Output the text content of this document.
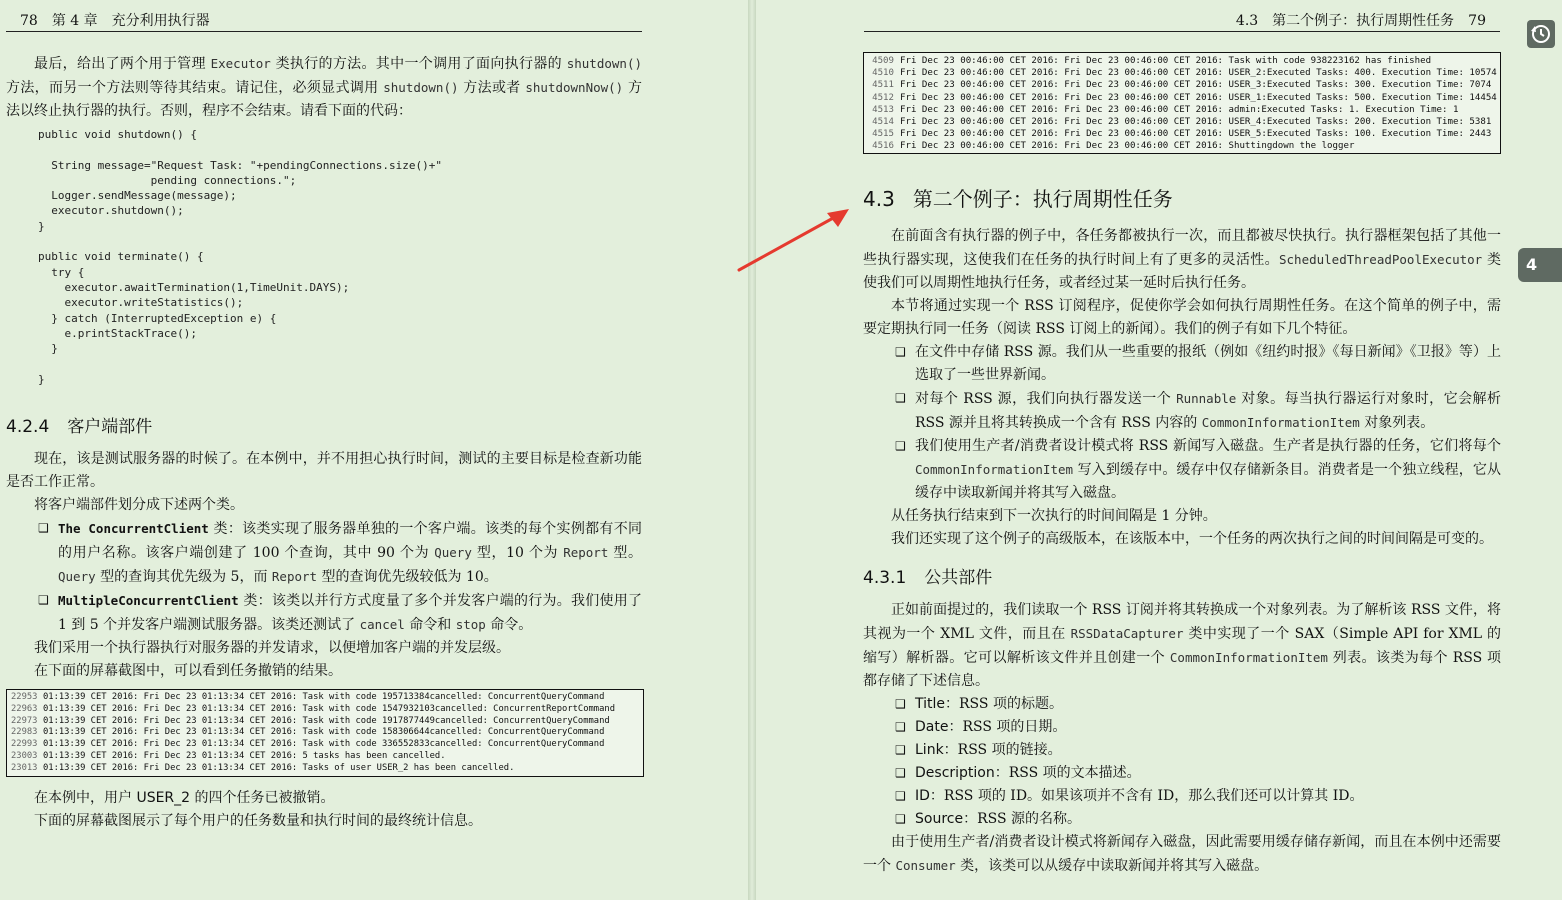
78 第 4 章　充分利用执行器

最后，给出了两个用于管理 Executor 类执行的方法。其中一个调用了面向执行器的 shutdown() 方法，而另一个方法则等待其结束。请记住，必须显式调用 shutdown() 方法或者 shutdownNow() 方法以终止执行器的执行。否则，程序不会结束。请看下面的代码：

public void shutdown() {

String message="Request Task: "+pendingConnections.size()+"
pending connections.";
Logger.sendMessage(message);
executor.shutdown();
}

public void terminate() {
try {
executor.awaitTermination(1,TimeUnit.DAYS);
executor.writeStatistics();
} catch (InterruptedException e) {
e.printStackTrace();
}

}
4.2.4 客户端部件

现在，该是测试服务器的时候了。在本例中，并不用担心执行时间，测试的主要目标是检查新功能是否工作正常。

将客户端部件划分成下述两个类。

❑ The ConcurrentClient 类：该类实现了服务器单独的一个客户端。该类的每个实例都有不同的用户名称。该客户端创建了 100 个查询，其中 90 个为 Query 型，10 个为 Report 型。Query 型的查询其优先级为 5，而 Report 型的查询优先级较低为 10。
❑ MultipleConcurrentClient 类：该类以并行方式度量了多个并发客户端的行为。我们使用了 1 到 5 个并发客户端测试服务器。该类还测试了 cancel 命令和 stop 命令。

我们采用一个执行器执行对服务器的并发请求，以便增加客户端的并发层级。

在下面的屏幕截图中，可以看到任务撤销的结果。

22953 01:13:39 CET 2016: Fri Dec 23 01:13:34 CET 2016: Task with code 195713384cancelled: ConcurrentQueryCommand
22963 01:13:39 CET 2016: Fri Dec 23 01:13:34 CET 2016: Task with code 1547932103cancelled: ConcurrentReportCommand
22973 01:13:39 CET 2016: Fri Dec 23 01:13:34 CET 2016: Task with code 1917877449cancelled: ConcurrentQueryCommand
22983 01:13:39 CET 2016: Fri Dec 23 01:13:34 CET 2016: Task with code 158306644cancelled: ConcurrentQueryCommand
22993 01:13:39 CET 2016: Fri Dec 23 01:13:34 CET 2016: Task with code 336552833cancelled: ConcurrentQueryCommand
23003 01:13:39 CET 2016: Fri Dec 23 01:13:34 CET 2016: 5 tasks has been cancelled.
23013 01:13:39 CET 2016: Fri Dec 23 01:13:34 CET 2016: Tasks of user USER_2 has been cancelled.

在本例中，用户 USER_2 的四个任务已被撤销。

下面的屏幕截图展示了每个用户的任务数量和执行时间的最终统计信息。

4.3　第二个例子：执行周期性任务 79
4509 Fri Dec 23 00:46:00 CET 2016: Fri Dec 23 00:46:00 CET 2016: Task with code 938223162 has finished
4510 Fri Dec 23 00:46:00 CET 2016: Fri Dec 23 00:46:00 CET 2016: USER_2:Executed Tasks: 400. Execution Time: 10574
4511 Fri Dec 23 00:46:00 CET 2016: Fri Dec 23 00:46:00 CET 2016: USER_3:Executed Tasks: 300. Execution Time: 7074
4512 Fri Dec 23 00:46:00 CET 2016: Fri Dec 23 00:46:00 CET 2016: USER_1:Executed Tasks: 500. Execution Time: 14454
4513 Fri Dec 23 00:46:00 CET 2016: Fri Dec 23 00:46:00 CET 2016: admin:Executed Tasks: 1. Execution Time: 1
4514 Fri Dec 23 00:46:00 CET 2016: Fri Dec 23 00:46:00 CET 2016: USER_4:Executed Tasks: 200. Execution Time: 5381
4515 Fri Dec 23 00:46:00 CET 2016: Fri Dec 23 00:46:00 CET 2016: USER_5:Executed Tasks: 100. Execution Time: 2443
4516 Fri Dec 23 00:46:00 CET 2016: Fri Dec 23 00:46:00 CET 2016: Shuttingdown the logger
4.3 第二个例子：执行周期性任务

在前面含有执行器的例子中，各任务都被执行一次，而且都被尽快执行。执行器框架包括了其他一些执行器实现，这使我们在任务的执行时间上有了更多的灵活性。ScheduledThreadPoolExecutor 类使我们可以周期性地执行任务，或者经过某一延时后执行任务。

本节将通过实现一个 RSS 订阅程序，促使你学会如何执行周期性任务。在这个简单的例子中，需要定期执行同一任务（阅读 RSS 订阅上的新闻）。我们的例子有如下几个特征。

❑ 在文件中存储 RSS 源。我们从一些重要的报纸（例如《纽约时报》《每日新闻》《卫报》等）上选取了一些世界新闻。
❑ 对每个 RSS 源，我们向执行器发送一个 Runnable 对象。每当执行器运行对象时，它会解析 RSS 源并且将其转换成一个含有 RSS 内容的 CommonInformationItem 对象列表。
❑ 我们使用生产者/消费者设计模式将 RSS 新闻写入磁盘。生产者是执行器的任务，它们将每个 CommonInformationItem 写入到缓存中。缓存中仅存储新条目。消费者是一个独立线程，它从缓存中读取新闻并将其写入磁盘。

从任务执行结束到下一次执行的时间间隔是 1 分钟。

我们还实现了这个例子的高级版本，在该版本中，一个任务的两次执行之间的时间间隔是可变的。

4.3.1 公共部件

正如前面提过的，我们读取一个 RSS 订阅并将其转换成一个对象列表。为了解析该 RSS 文件，将其视为一个 XML 文件，而且在 RSSDataCapturer 类中实现了一个 SAX（Simple API for XML 的缩写）解析器。它可以解析该文件并且创建一个 CommonInformationItem 列表。该类为每个 RSS 项都存储了下述信息。

❑ Title：RSS 项的标题。
❑ Date：RSS 项的日期。
❑ Link：RSS 项的链接。
❑ Description：RSS 项的文本描述。
❑ ID：RSS 项的 ID。如果该项并不含有 ID，那么我们还可以计算其 ID。
❑ Source：RSS 源的名称。

由于使用生产者/消费者设计模式将新闻存入磁盘，因此需要用缓存储存新闻，而且在本例中还需要一个 Consumer 类，该类可以从缓存中读取新闻并将其写入磁盘。

4
